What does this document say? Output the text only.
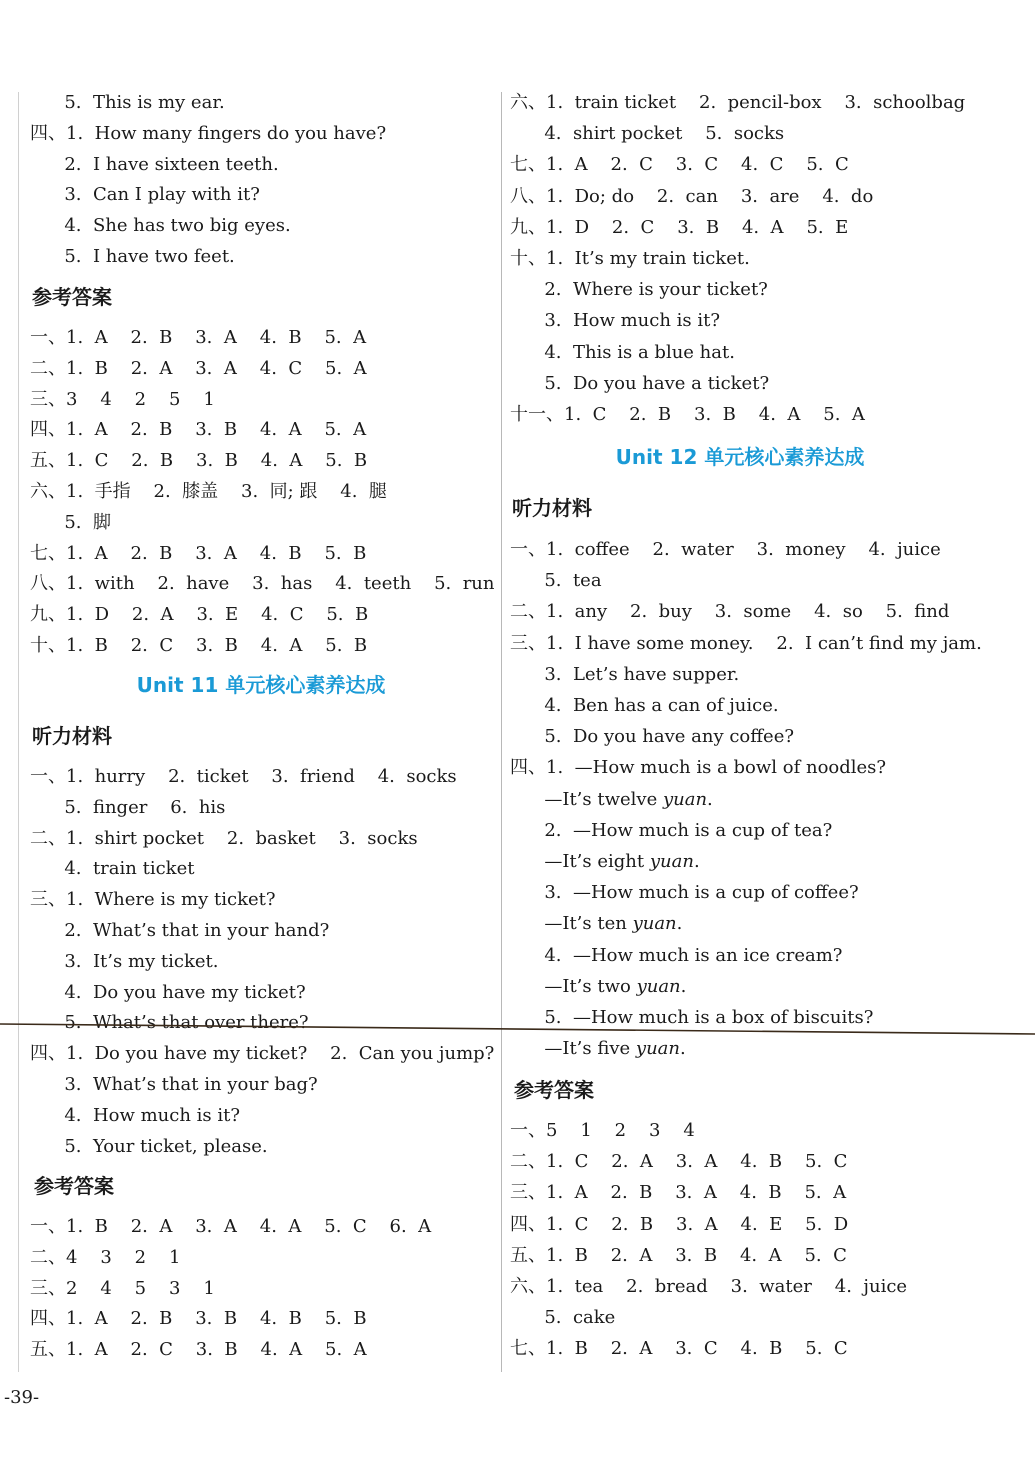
5.  This is my ear.
四、1.  How many fingers do you have?
2.  I have sixteen teeth.
3.  Can I play with it?
4.  She has two big eyes.
5.  I have two feet.
参考答案
一、1.  A    2.  B    3.  A    4.  B    5.  A
二、1.  B    2.  A    3.  A    4.  C    5.  A
三、3    4    2    5    1
四、1.  A    2.  B    3.  B    4.  A    5.  A
五、1.  C    2.  B    3.  B    4.  A    5.  B
六、1.  手指    2.  膝盖    3.  同; 跟    4.  腿
5.  脚
七、1.  A    2.  B    3.  A    4.  B    5.  B
八、1.  with    2.  have    3.  has    4.  teeth    5.  run
九、1.  D    2.  A    3.  E    4.  C    5.  B
十、1.  B    2.  C    3.  B    4.  A    5.  B
Unit 11 单元核心素养达成
听力材料
一、1.  hurry    2.  ticket    3.  friend    4.  socks
5.  finger    6.  his
二、1.  shirt pocket    2.  basket    3.  socks
4.  train ticket
三、1.  Where is my ticket?
2.  What’s that in your hand?
3.  It’s my ticket.
4.  Do you have my ticket?
5.  What’s that over there?
四、1.  Do you have my ticket?    2.  Can you jump?
3.  What’s that in your bag?
4.  How much is it?
5.  Your ticket, please.
参考答案
一、1.  B    2.  A    3.  A    4.  A    5.  C    6.  A
二、4    3    2    1
三、2    4    5    3    1
四、1.  A    2.  B    3.  B    4.  B    5.  B
五、1.  A    2.  C    3.  B    4.  A    5.  A
六、1.  train ticket    2.  pencil-box    3.  schoolbag
4.  shirt pocket    5.  socks
七、1.  A    2.  C    3.  C    4.  C    5.  C
八、1.  Do; do    2.  can    3.  are    4.  do
九、1.  D    2.  C    3.  B    4.  A    5.  E
十、1.  It’s my train ticket.
2.  Where is your ticket?
3.  How much is it?
4.  This is a blue hat.
5.  Do you have a ticket?
十一、1.  C    2.  B    3.  B    4.  A    5.  A
Unit 12 单元核心素养达成
听力材料
一、1.  coffee    2.  water    3.  money    4.  juice
5.  tea
二、1.  any    2.  buy    3.  some    4.  so    5.  find
三、1.  I have some money.    2.  I can’t find my jam.
3.  Let’s have supper.
4.  Ben has a can of juice.
5.  Do you have any coffee?
四、1.  —How much is a bowl of noodles?
—It’s twelve yuan.
2.  —How much is a cup of tea?
—It’s eight yuan.
3.  —How much is a cup of coffee?
—It’s ten yuan.
4.  —How much is an ice cream?
—It’s two yuan.
5.  —How much is a box of biscuits?
—It’s five yuan.
参考答案
一、5    1    2    3    4
二、1.  C    2.  A    3.  A    4.  B    5.  C
三、1.  A    2.  B    3.  A    4.  B    5.  A
四、1.  C    2.  B    3.  A    4.  E    5.  D
五、1.  B    2.  A    3.  B    4.  A    5.  C
六、1.  tea    2.  bread    3.  water    4.  juice
5.  cake
七、1.  B    2.  A    3.  C    4.  B    5.  C
-39-
